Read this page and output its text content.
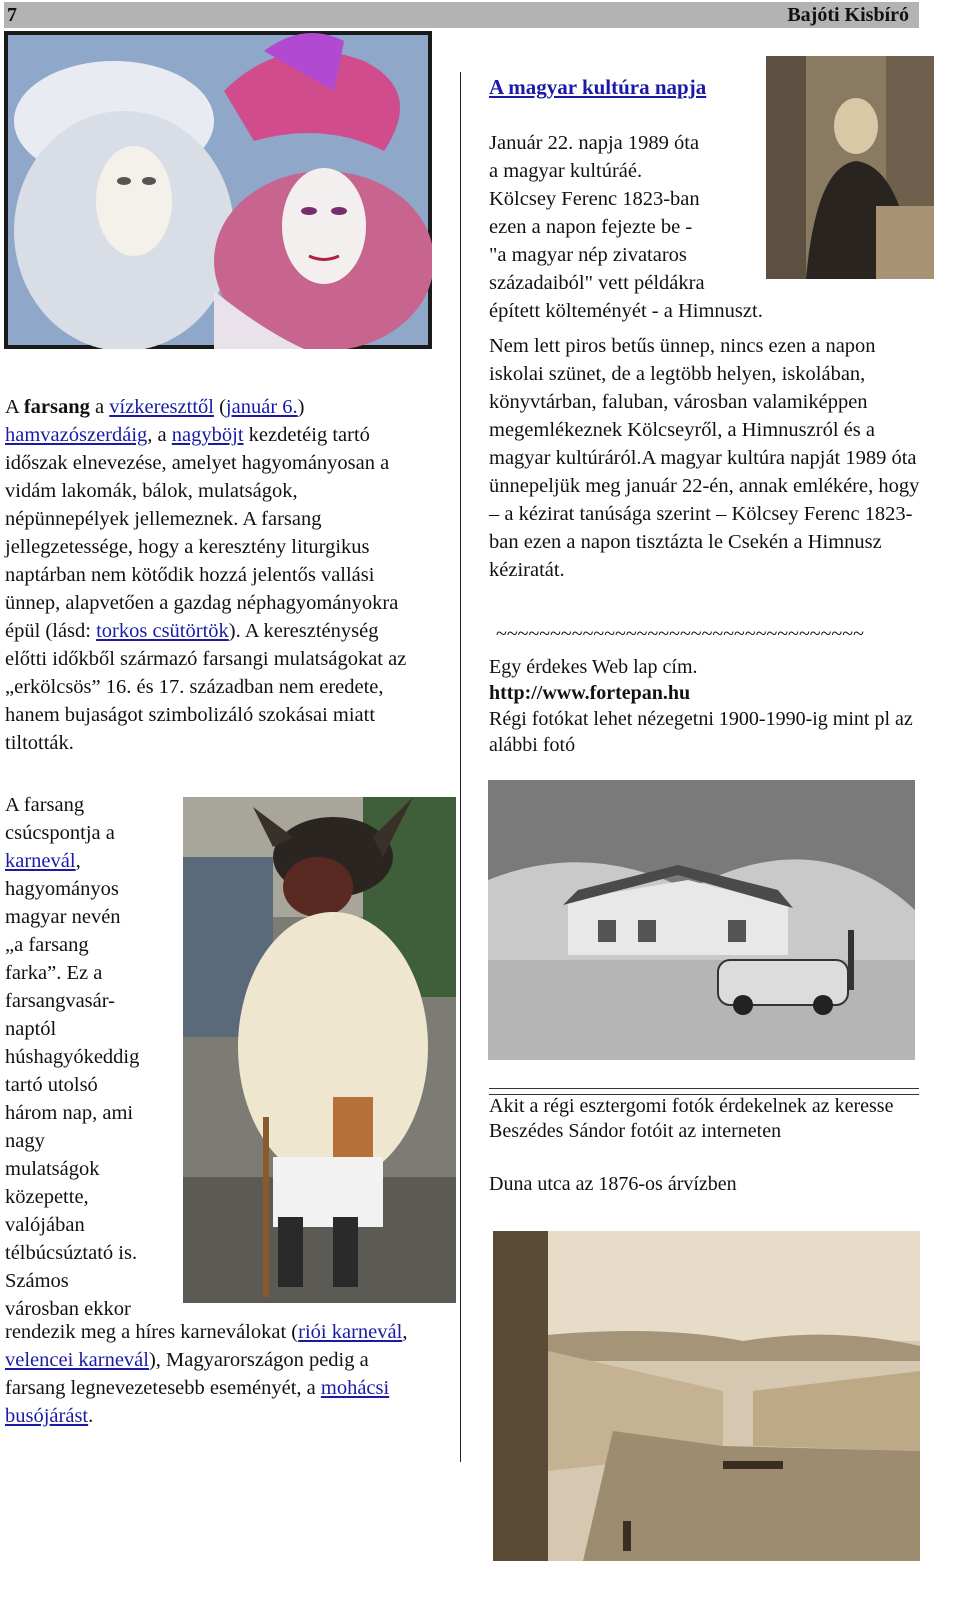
7	Bajóti Kisbíró

A farsang a vízkereszttől (január 6.)
hamvazószerdáig, a nagyböjt kezdetéig tartó időszak elnevezése, amelyet hagyományosan a vidám lakomák, bálok, mulatságok, népünnepélyek jellemeznek. A farsang jellegzetessége, hogy a keresztény liturgikus naptárban nem kötődik hozzá jelentős vallási ünnep, alapvetően a gazdag néphagyományokra épül (lásd: torkos csütörtök). A kereszténység előtti időkből származó farsangi mulatságokat az „erkölcsös” 16. és 17. században nem eredete, hanem bujaságot szimbolizáló szokásai miatt tiltották.

A farsang
csúcspontja a
karnevál,
hagyományos
magyar nevén
„a farsang
farka”. Ez a
farsangvasár-
naptól
húshagyókeddig
tartó utolsó
három nap, ami
nagy
mulatságok
közepette,
valójában
télbúcsúztató is.
Számos
városban ekkor

rendezik meg a híres karneválokat (riói karnevál, velencei karnevál), Magyarországon pedig a farsang legnevezetesebb eseményét, a mohácsi busójárást.

A magyar kultúra napja

Január 22. napja 1989 óta
a magyar kultúráé.
Kölcsey Ferenc 1823-ban
ezen a napon fejezte be -
"a magyar nép zivataros
századaiból" vett példákra
épített költeményét - a Himnuszt.

Nem lett piros betűs ünnep, nincs ezen a napon iskolai szünet, de a legtöbb helyen, iskolában, könyvtárban, faluban, városban valamiképpen megemlékeznek Kölcseyről, a Himnuszról és a magyar kultúráról.A magyar kultúra napját 1989 óta ünnepeljük meg január 22-én, annak emlékére, hogy – a kézirat tanúsága szerint – Kölcsey Ferenc 1823-ban ezen a napon tisztázta le Csekén a Himnusz kéziratát.

~~~~~~~~~~~~~~~~~~~~~~~~~~~~~~~~~~

Egy érdekes Web lap cím.

http://www.fortepan.hu

Régi fotókat lehet nézegetni 1900-1990-ig mint pl az alábbi fotó

Akit a régi esztergomi fotók érdekelnek az keresse Beszédes Sándor fotóit az interneten

Duna utca az 1876-os árvízben
